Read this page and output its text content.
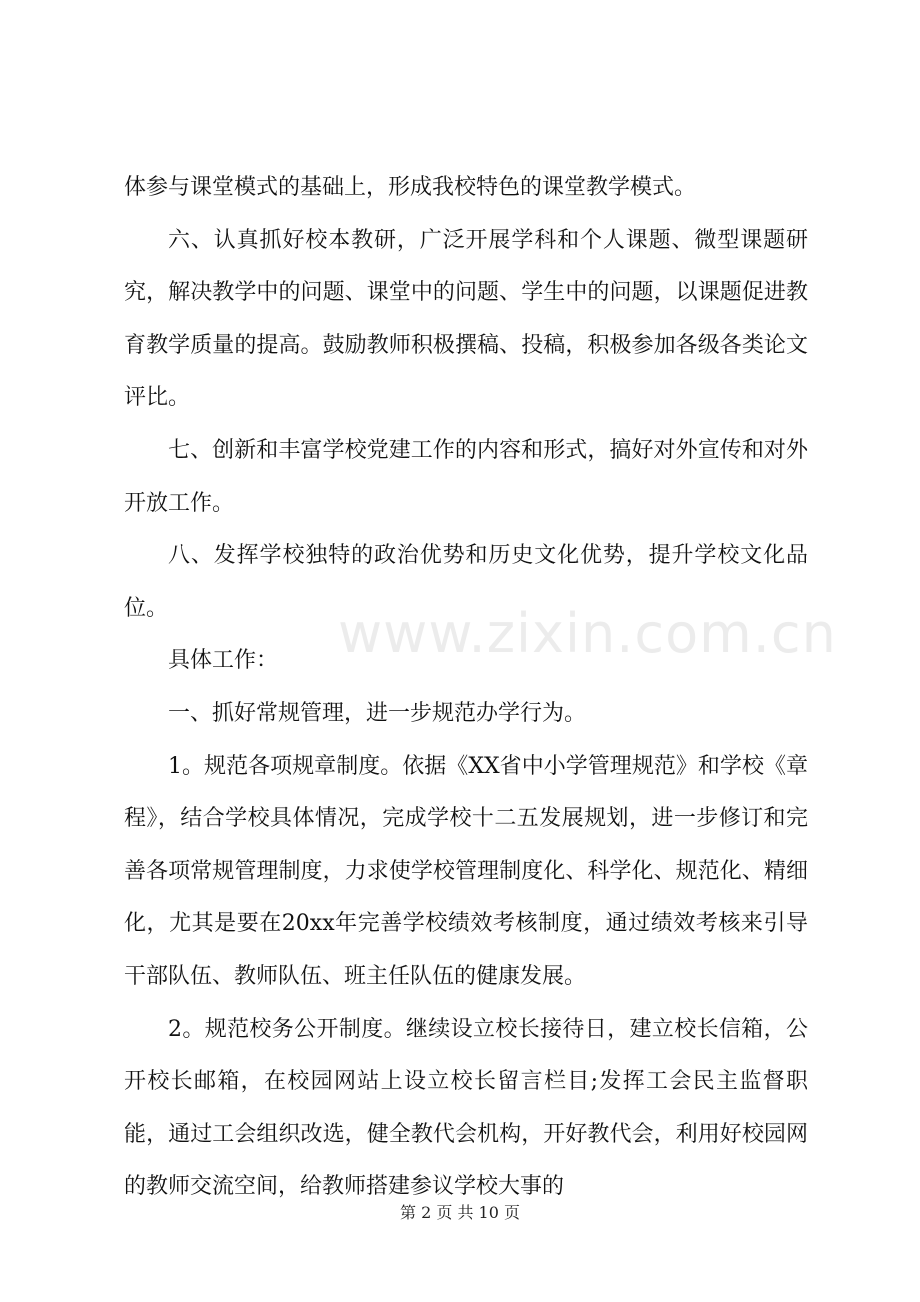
体参与课堂模式的基础上，形成我校特色的课堂教学模式。

六、认真抓好校本教研，广泛开展学科和个人课题、微型课题研究，解决教学中的问题、课堂中的问题、学生中的问题，以课题促进教育教学质量的提高。鼓励教师积极撰稿、投稿，积极参加各级各类论文评比。

七、创新和丰富学校党建工作的内容和形式，搞好对外宣传和对外开放工作。

八、发挥学校独特的政治优势和历史文化优势，提升学校文化品位。

具体工作：

一、抓好常规管理，进一步规范办学行为。

1。规范各项规章制度。依据《XX省中小学管理规范》和学校《章程》，结合学校具体情况，完成学校十二五发展规划，进一步修订和完善各项常规管理制度，力求使学校管理制度化、科学化、规范化、精细化，尤其是要在20xx年完善学校绩效考核制度，通过绩效考核来引导干部队伍、教师队伍、班主任队伍的健康发展。

2。规范校务公开制度。继续设立校长接待日，建立校长信箱，公开校长邮箱，在校园网站上设立校长留言栏目;发挥工会民主监督职能，通过工会组织改选，健全教代会机构，开好教代会，利用好校园网的教师交流空间，给教师搭建参议学校大事的

www.zixin.com.cn
第 2 页 共 10 页
